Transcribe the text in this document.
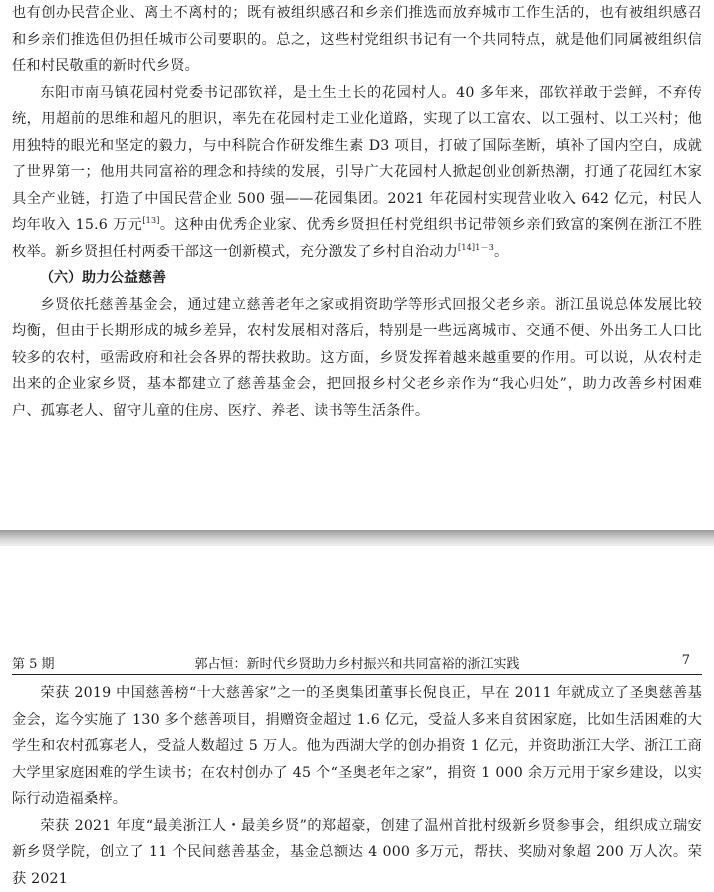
也有创办民营企业、离土不离村的；既有被组织感召和乡亲们推选而放弃城市工作生活的，也有被组织感召和乡亲们推选但仍担任城市公司要职的。总之，这些村党组织书记有一个共同特点，就是他们同属被组织信任和村民敬重的新时代乡贤。

东阳市南马镇花园村党委书记邵钦祥，是土生土长的花园村人。40 多年来，邵钦祥敢于尝鲜，不弃传统，用超前的思维和超凡的胆识，率先在花园村走工业化道路，实现了以工富农、以工强村、以工兴村；他用独特的眼光和坚定的毅力，与中科院合作研发维生素 D3 项目，打破了国际垄断，填补了国内空白，成就了世界第一；他用共同富裕的理念和持续的发展，引导广大花园村人掀起创业创新热潮，打通了花园红木家具全产业链，打造了中国民营企业 500 强——花园集团。2021 年花园村实现营业收入 642 亿元，村民人均年收入 15.6 万元[13]。这种由优秀企业家、优秀乡贤担任村党组织书记带领乡亲们致富的案例在浙江不胜枚举。新乡贤担任村两委干部这一创新模式，充分激发了乡村自治动力$^{[14]1-3}$。

（六）助力公益慈善

乡贤依托慈善基金会，通过建立慈善老年之家或捐资助学等形式回报父老乡亲。浙江虽说总体发展比较均衡，但由于长期形成的城乡差异，农村发展相对落后，特别是一些远离城市、交通不便、外出务工人口比较多的农村，亟需政府和社会各界的帮扶救助。这方面，乡贤发挥着越来越重要的作用。可以说，从农村走出来的企业家乡贤，基本都建立了慈善基金会，把回报乡村父老乡亲作为“我心归处”，助力改善乡村困难户、孤寡老人、留守儿童的住房、医疗、养老、读书等生活条件。

第 5 期	郭占恒：新时代乡贤助力乡村振兴和共同富裕的浙江实践	7

荣获 2019 中国慈善榜“十大慈善家”之一的圣奥集团董事长倪良正，早在 2011 年就成立了圣奥慈善基金会，迄今实施了 130 多个慈善项目，捐赠资金超过 1.6 亿元，受益人多来自贫困家庭，比如生活困难的大学生和农村孤寡老人，受益人数超过 5 万人。他为西湖大学的创办捐资 1 亿元，并资助浙江大学、浙江工商大学里家庭困难的学生读书；在农村创办了 45 个“圣奥老年之家”，捐资 1 000 余万元用于家乡建设，以实际行动造福桑梓。

荣获 2021 年度“最美浙江人・最美乡贤”的郑超豪，创建了温州首批村级新乡贤参事会，组织成立瑞安新乡贤学院，创立了 11 个民间慈善基金，基金总额达 4 000 多万元，帮扶、奖励对象超 200 万人次。荣获 2021
